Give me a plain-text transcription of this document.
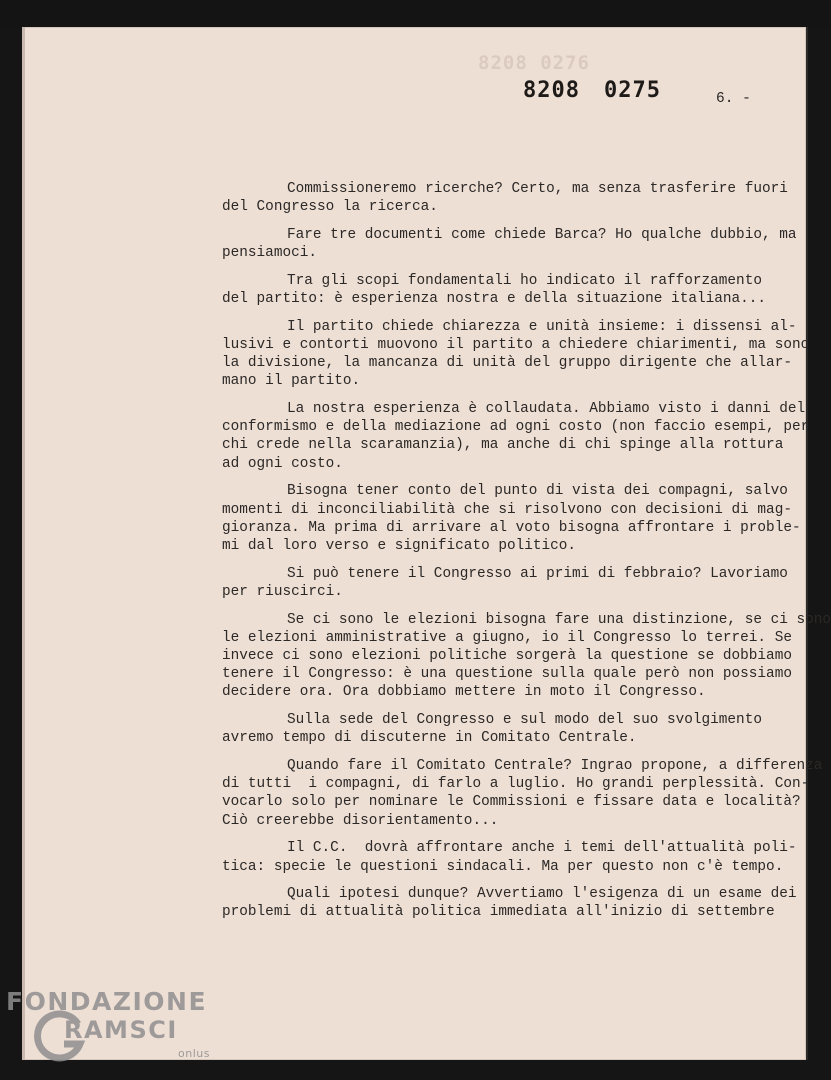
8208 0276
8208 0275	6. -

Commissioneremo ricerche? Certo, ma senza trasferire fuori
del Congresso la ricerca.

Fare tre documenti come chiede Barca? Ho qualche dubbio, ma
pensiamoci.

Tra gli scopi fondamentali ho indicato il rafforzamento
del partito: è esperienza nostra e della situazione italiana...

Il partito chiede chiarezza e unità insieme: i dissensi al-
lusivi e contorti muovono il partito a chiedere chiarimenti, ma sono
la divisione, la mancanza di unità del gruppo dirigente che allar-
mano il partito.

La nostra esperienza è collaudata. Abbiamo visto i danni del
conformismo e della mediazione ad ogni costo (non faccio esempi, per
chi crede nella scaramanzia), ma anche di chi spinge alla rottura
ad ogni costo.

Bisogna tener conto del punto di vista dei compagni, salvo
momenti di inconciliabilità che si risolvono con decisioni di mag-
gioranza. Ma prima di arrivare al voto bisogna affrontare i proble-
mi dal loro verso e significato politico.

Si può tenere il Congresso ai primi di febbraio? Lavoriamo
per riuscirci.

Se ci sono le elezioni bisogna fare una distinzione, se ci sono
le elezioni amministrative a giugno, io il Congresso lo terrei. Se
invece ci sono elezioni politiche sorgerà la questione se dobbiamo
tenere il Congresso: è una questione sulla quale però non possiamo
decidere ora. Ora dobbiamo mettere in moto il Congresso.

Sulla sede del Congresso e sul modo del suo svolgimento
avremo tempo di discuterne in Comitato Centrale.

Quando fare il Comitato Centrale? Ingrao propone, a differenza
di tutti  i compagni, di farlo a luglio. Ho grandi perplessità. Con-
vocarlo solo per nominare le Commissioni e fissare data e località?
Ciò creerebbe disorientamento...

Il C.C.  dovrà affrontare anche i temi dell'attualità poli-
tica: specie le questioni sindacali. Ma per questo non c'è tempo.

Quali ipotesi dunque? Avvertiamo l'esigenza di un esame dei
problemi di attualità politica immediata all'inizio di settembre

FONDAZIONE
RAMSCI
onlus
